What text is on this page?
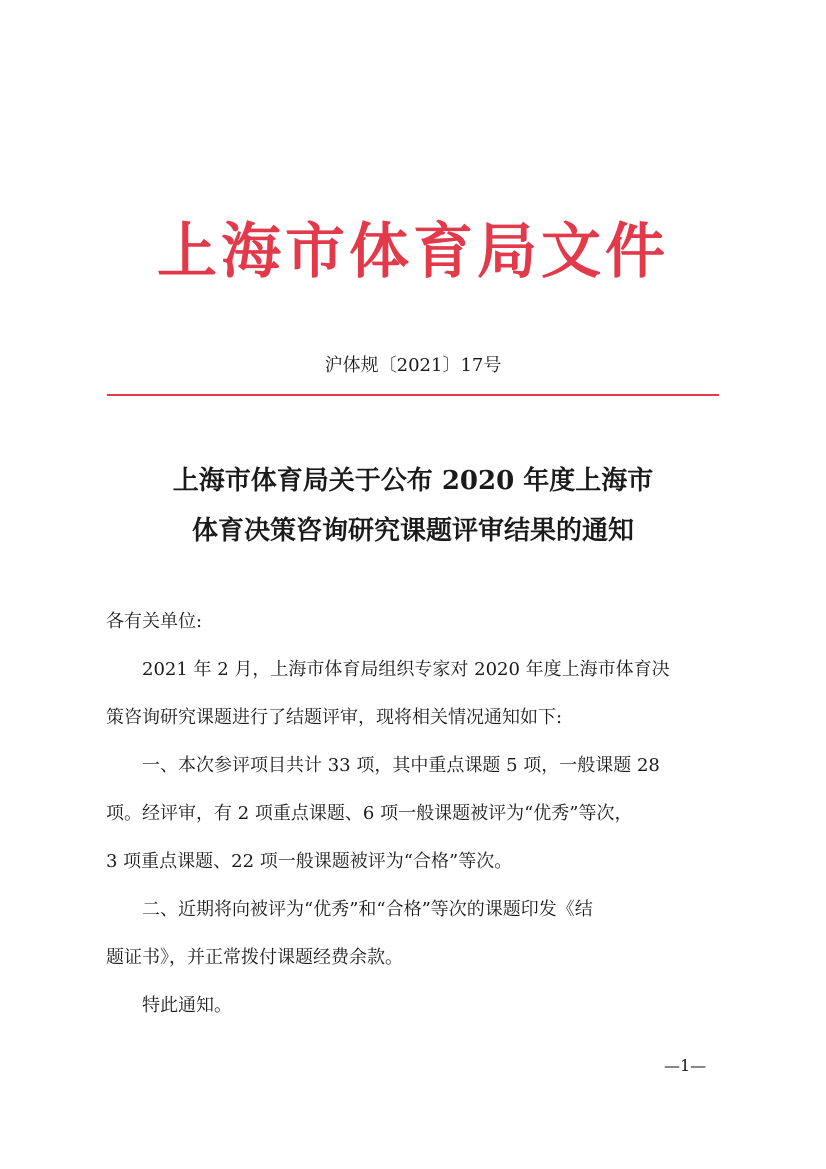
上海市体育局文件
沪体规〔2021〕17号
上海市体育局关于公布 2020 年度上海市
体育决策咨询研究课题评审结果的通知
各有关单位:
2021 年 2 月，上海市体育局组织专家对 2020 年度上海市体育决
策咨询研究课题进行了结题评审，现将相关情况通知如下:
一、本次参评项目共计 33 项，其中重点课题 5 项，一般课题 28
项。经评审，有 2 项重点课题、6 项一般课题被评为“优秀”等次，
3 项重点课题、22 项一般课题被评为“合格”等次。
二、近期将向被评为“优秀”和“合格”等次的课题印发《结
题证书》，并正常拨付课题经费余款。
特此通知。
—1—
